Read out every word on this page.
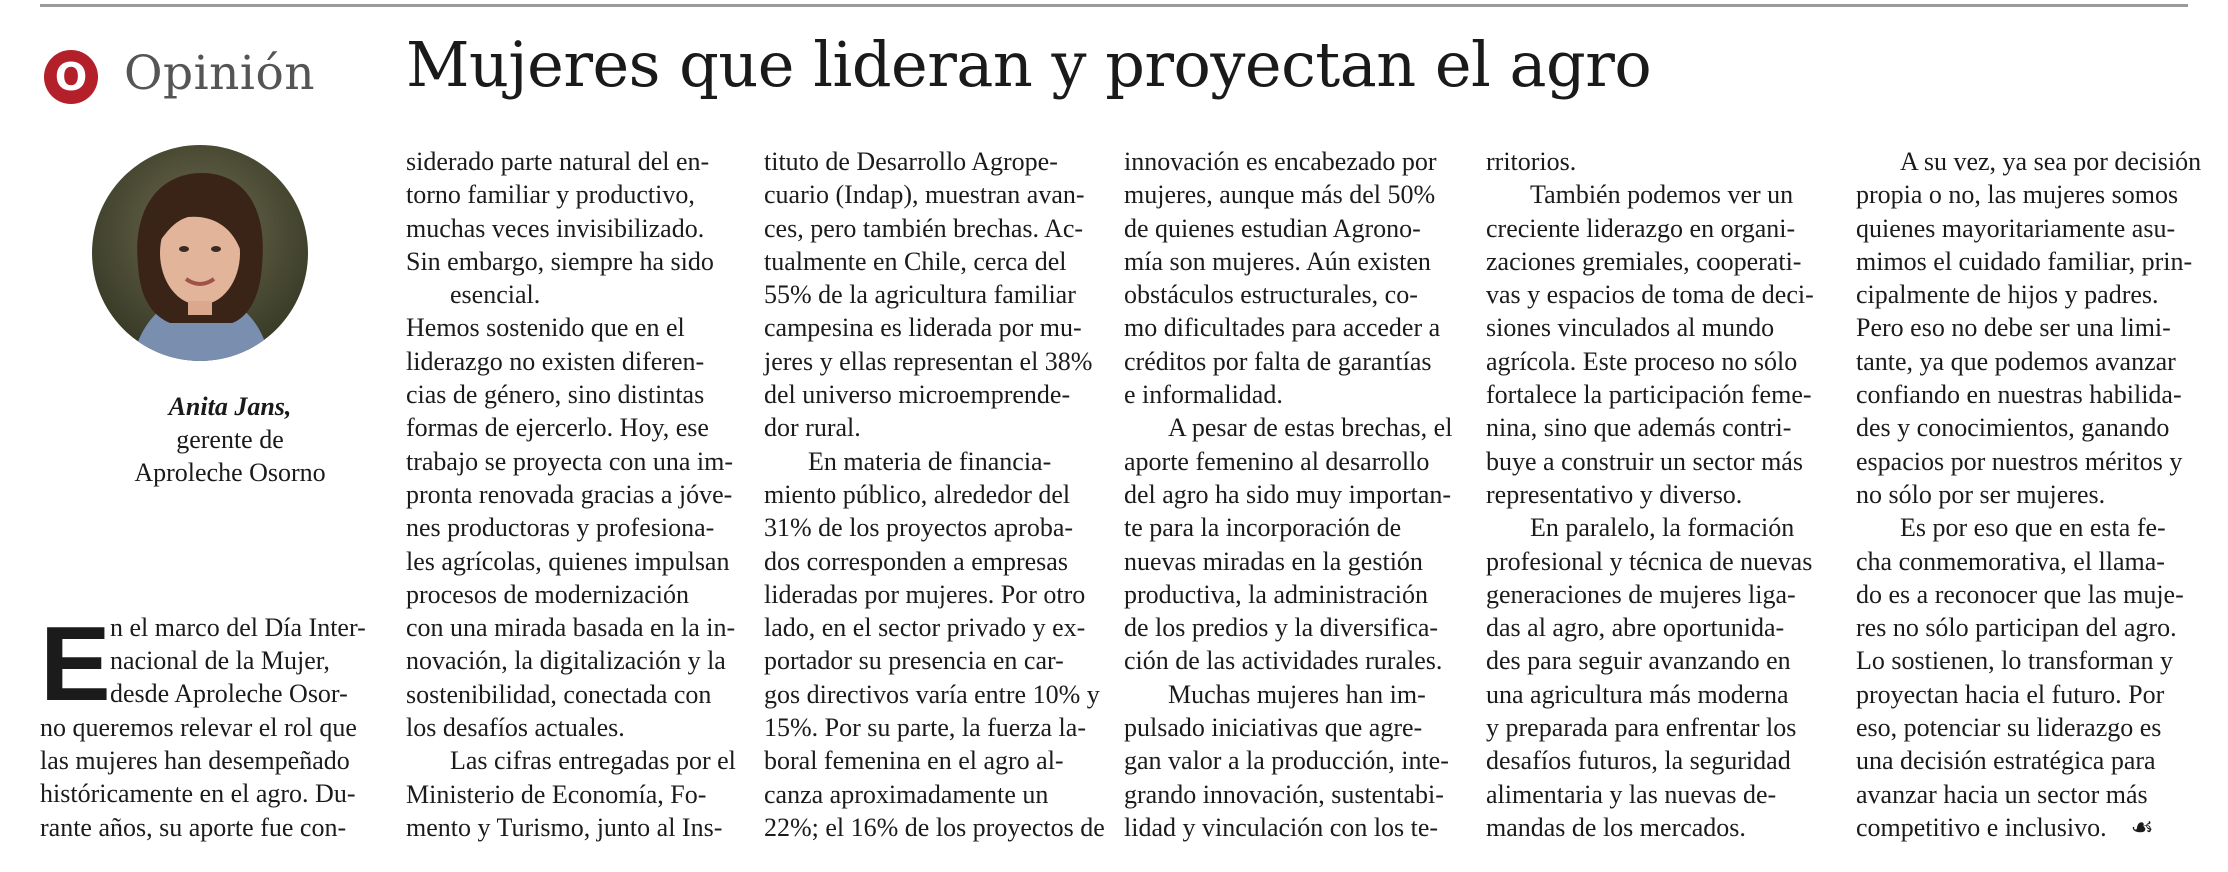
O Opinión Mujeres que lideran y proyectan el agro
Anita Jans,
gerente de
Aproleche Osorno
E n el marco del Día Inter-

nacional de la Mujer,

desde Aproleche Osor-

no queremos relevar el rol que

las mujeres han desempeñado

históricamente en el agro. Du-

rante años, su aporte fue con-

siderado parte natural del en-

torno familiar y productivo,

muchas veces invisibilizado.

Sin embargo, siempre ha sido

esencial.

Hemos sostenido que en el

liderazgo no existen diferen-

cias de género, sino distintas

formas de ejercerlo. Hoy, ese

trabajo se proyecta con una im-

pronta renovada gracias a jóve-

nes productoras y profesiona-

les agrícolas, quienes impulsan

procesos de modernización

con una mirada basada en la in-

novación, la digitalización y la

sostenibilidad, conectada con

los desafíos actuales.

Las cifras entregadas por el

Ministerio de Economía, Fo-

mento y Turismo, junto al Ins-

tituto de Desarrollo Agrope-

cuario (Indap), muestran avan-

ces, pero también brechas. Ac-

tualmente en Chile, cerca del

55% de la agricultura familiar

campesina es liderada por mu-

jeres y ellas representan el 38%

del universo microemprende-

dor rural.

En materia de financia-

miento público, alrededor del

31% de los proyectos aproba-

dos corresponden a empresas

lideradas por mujeres. Por otro

lado, en el sector privado y ex-

portador su presencia en car-

gos directivos varía entre 10% y

15%. Por su parte, la fuerza la-

boral femenina en el agro al-

canza aproximadamente un

22%; el 16% de los proyectos de

innovación es encabezado por

mujeres, aunque más del 50%

de quienes estudian Agrono-

mía son mujeres. Aún existen

obstáculos estructurales, co-

mo dificultades para acceder a

créditos por falta de garantías

e informalidad.

A pesar de estas brechas, el

aporte femenino al desarrollo

del agro ha sido muy importan-

te para la incorporación de

nuevas miradas en la gestión

productiva, la administración

de los predios y la diversifica-

ción de las actividades rurales.

Muchas mujeres han im-

pulsado iniciativas que agre-

gan valor a la producción, inte-

grando innovación, sustentabi-

lidad y vinculación con los te-

rritorios.

También podemos ver un

creciente liderazgo en organi-

zaciones gremiales, cooperati-

vas y espacios de toma de deci-

siones vinculados al mundo

agrícola. Este proceso no sólo

fortalece la participación feme-

nina, sino que además contri-

buye a construir un sector más

representativo y diverso.

En paralelo, la formación

profesional y técnica de nuevas

generaciones de mujeres liga-

das al agro, abre oportunida-

des para seguir avanzando en

una agricultura más moderna

y preparada para enfrentar los

desafíos futuros, la seguridad

alimentaria y las nuevas de-

mandas de los mercados.

A su vez, ya sea por decisión

propia o no, las mujeres somos

quienes mayoritariamente asu-

mimos el cuidado familiar, prin-

cipalmente de hijos y padres.

Pero eso no debe ser una limi-

tante, ya que podemos avanzar

confiando en nuestras habilida-

des y conocimientos, ganando

espacios por nuestros méritos y

no sólo por ser mujeres.

Es por eso que en esta fe-

cha conmemorativa, el llama-

do es a reconocer que las muje-

res no sólo participan del agro.

Lo sostienen, lo transforman y

proyectan hacia el futuro. Por

eso, potenciar su liderazgo es

una decisión estratégica para

avanzar hacia un sector más

competitivo e inclusivo. ☙
